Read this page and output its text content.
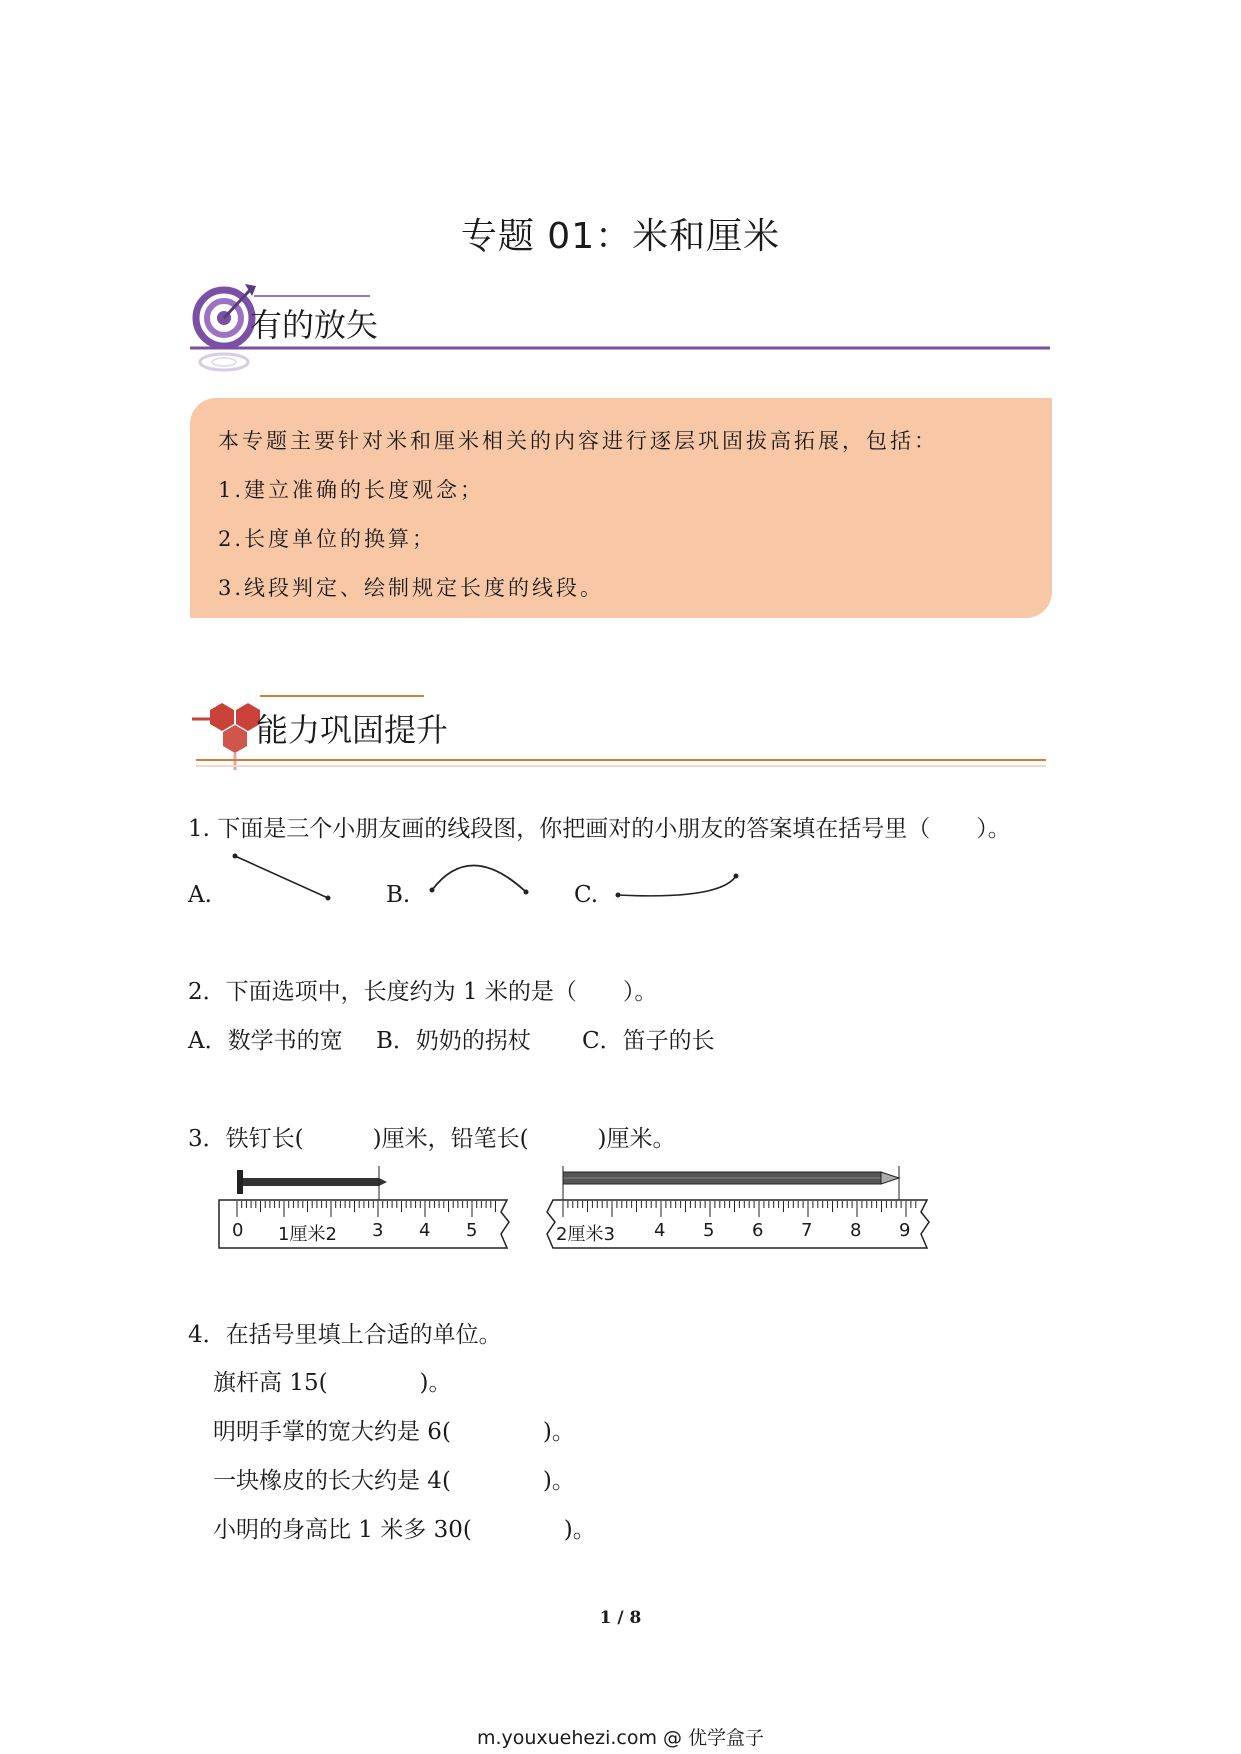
专题 01：米和厘米
有的放矢
本专题主要针对米和厘米相关的内容进行逐层巩固拔高拓展，包括：
1.建立准确的长度观念；
2.长度单位的换算；
3.线段判定、绘制规定长度的线段。
能力巩固提升
1. 下面是三个小朋友画的线段图，你把画对的小朋友的答案填在括号里（　　）。
A.	B.	C.
2．下面选项中，长度约为 1 米的是（　　）。
A．数学书的宽 B．奶奶的拐杖 C．笛子的长
3．铁钉长(　　　)厘米，铅笔长(　　　)厘米。
0 1厘米2 3 4 5	2厘米3 4 5 6 7 8 9
4．在括号里填上合适的单位。
旗杆高 15(　　　　)。
明明手掌的宽大约是 6(　　　　)。
一块橡皮的长大约是 4(　　　　)。
小明的身高比 1 米多 30(　　　　)。
1 / 8
m.youxuehezi.com @ 优学盒子
